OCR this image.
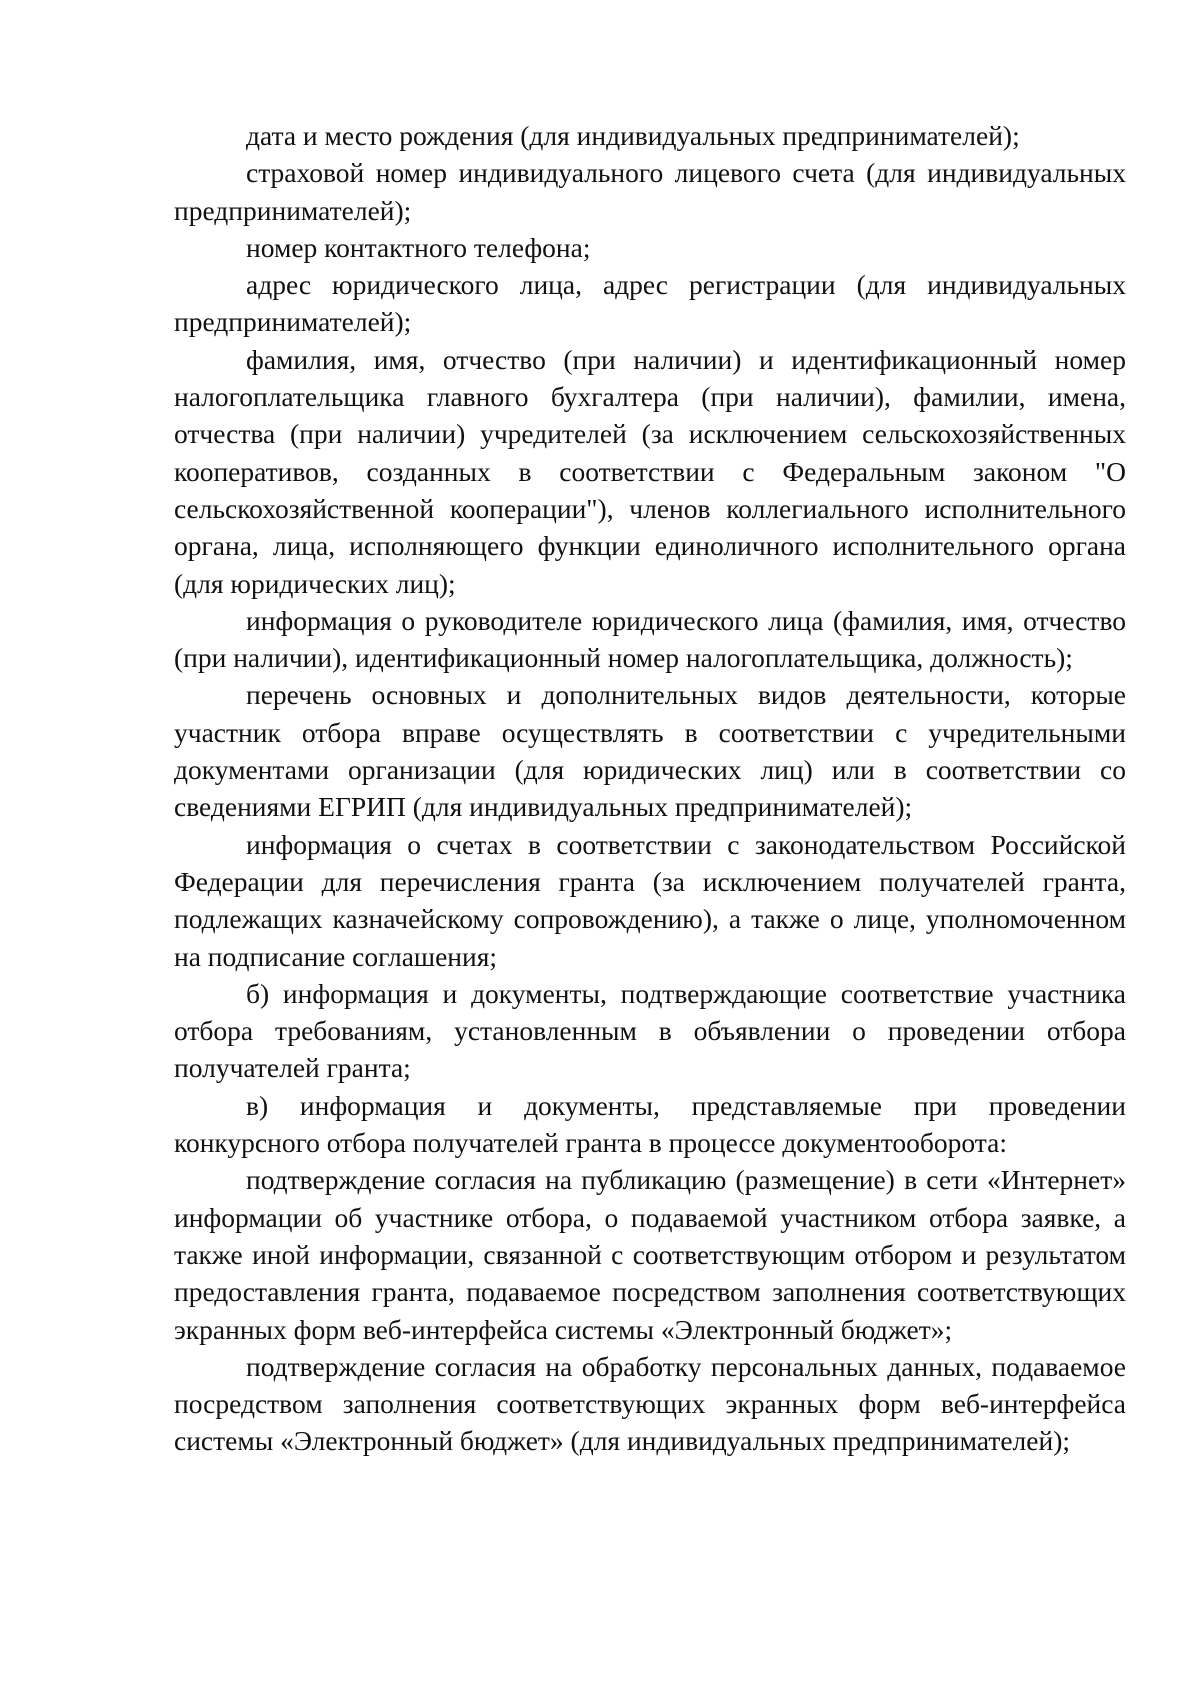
дата и место рождения (для индивидуальных предпринимателей);

страховой номер индивидуального лицевого счета (для индивидуальных предпринимателей);

номер контактного телефона;

адрес юридического лица, адрес регистрации (для индивидуальных предпринимателей);

фамилия, имя, отчество (при наличии) и идентификационный номер налогоплательщика главного бухгалтера (при наличии), фамилии, имена, отчества (при наличии) учредителей (за исключением сельскохозяйственных кооперативов, созданных в соответствии с Федеральным законом "О сельскохозяйственной кооперации"), членов коллегиального исполнительного органа, лица, исполняющего функции единоличного исполнительного органа (для юридических лиц);

информация о руководителе юридического лица (фамилия, имя, отчество (при наличии), идентификационный номер налогоплательщика, должность);

перечень основных и дополнительных видов деятельности, которые участник отбора вправе осуществлять в соответствии с учредительными документами организации (для юридических лиц) или в соответствии со сведениями ЕГРИП (для индивидуальных предпринимателей);

информация о счетах в соответствии с законодательством Российской Федерации для перечисления гранта (за исключением получателей гранта, подлежащих казначейскому сопровождению), а также о лице, уполномоченном на подписание соглашения;

б) информация и документы, подтверждающие соответствие участника отбора требованиям, установленным в объявлении о проведении отбора получателей гранта;

в) информация и документы, представляемые при проведении конкурсного отбора получателей гранта в процессе документооборота:

подтверждение согласия на публикацию (размещение) в сети «Интернет» информации об участнике отбора, о подаваемой участником отбора заявке, а также иной информации, связанной с соответствующим отбором и результатом предоставления гранта, подаваемое посредством заполнения соответствующих экранных форм веб-интерфейса системы «Электронный бюджет»;

подтверждение согласия на обработку персональных данных, подаваемое посредством заполнения соответствующих экранных форм веб-интерфейса системы «Электронный бюджет» (для индивидуальных предпринимателей);
